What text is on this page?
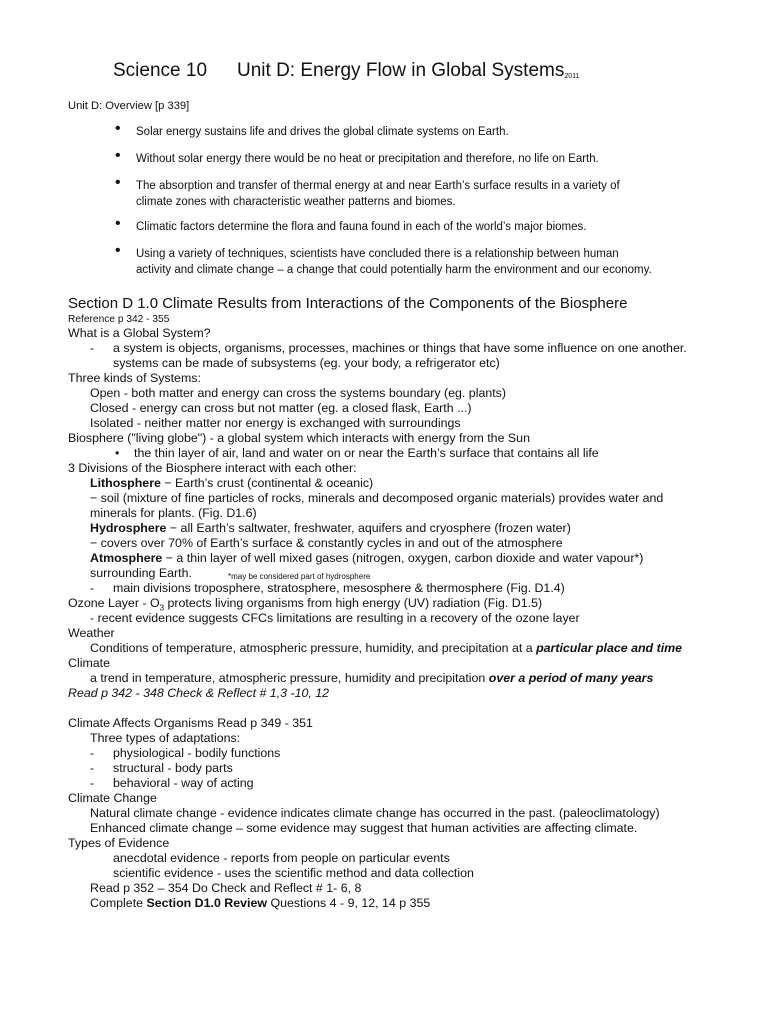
Science 10 Unit D: Energy Flow in Global Systems$_{2011}$
Unit D: Overview [p 339]
• Solar energy sustains life and drives the global climate systems on Earth.
• Without solar energy there would be no heat or precipitation and therefore, no life on Earth.
• The absorption and transfer of thermal energy at and near Earth’s surface results in a variety of
climate zones with characteristic weather patterns and biomes.
• Climatic factors determine the flora and fauna found in each of the world’s major biomes.
• Using a variety of techniques, scientists have concluded there is a relationship between human
activity and climate change – a change that could potentially harm the environment and our economy.
Section D 1.0 Climate Results from Interactions of the Components of the Biosphere
Reference p 342 - 355
What is a Global System?
- a system is objects, organisms, processes, machines or things that have some influence on one another.
systems can be made of subsystems (eg. your body, a refrigerator etc)
Three kinds of Systems:
Open - both matter and energy can cross the systems boundary (eg. plants)
Closed - energy can cross but not matter (eg. a closed flask, Earth ...)
Isolated - neither matter nor energy is exchanged with surroundings
Biosphere ("living globe") - a global system which interacts with energy from the Sun
• the thin layer of air, land and water on or near the Earth’s surface that contains all life
3 Divisions of the Biosphere interact with each other:
Lithosphere − Earth’s crust (continental & oceanic)
− soil (mixture of fine particles of rocks, minerals and decomposed organic materials) provides water and
minerals for plants. (Fig. D1.6)
Hydrosphere − all Earth’s saltwater, freshwater, aquifers and cryosphere (frozen water)
− covers over 70% of Earth’s surface & constantly cycles in and out of the atmosphere
Atmosphere − a thin layer of well mixed gases (nitrogen, oxygen, carbon dioxide and water vapour*)
surrounding Earth.	*may be considered part of hydrosphere
- main divisions troposphere, stratosphere, mesosphere & thermosphere (Fig. D1.4)
Ozone Layer - $O_3$ protects living organisms from high energy (UV) radiation (Fig. D1.5)
- recent evidence suggests CFCs limitations are resulting in a recovery of the ozone layer
Weather
Conditions of temperature, atmospheric pressure, humidity, and precipitation at a particular place and time
Climate
a trend in temperature, atmospheric pressure, humidity and precipitation over a period of many years
Read p 342 - 348 Check & Reflect # 1,3 -10, 12
Climate Affects Organisms Read p 349 - 351
Three types of adaptations:
- physiological - bodily functions
- structural - body parts
- behavioral - way of acting
Climate Change
Natural climate change - evidence indicates climate change has occurred in the past. (paleoclimatology)
Enhanced climate change – some evidence may suggest that human activities are affecting climate.
Types of Evidence
anecdotal evidence - reports from people on particular events
scientific evidence - uses the scientific method and data collection
Read p 352 – 354 Do Check and Reflect # 1- 6, 8
Complete Section D1.0 Review Questions 4 - 9, 12, 14 p 355
